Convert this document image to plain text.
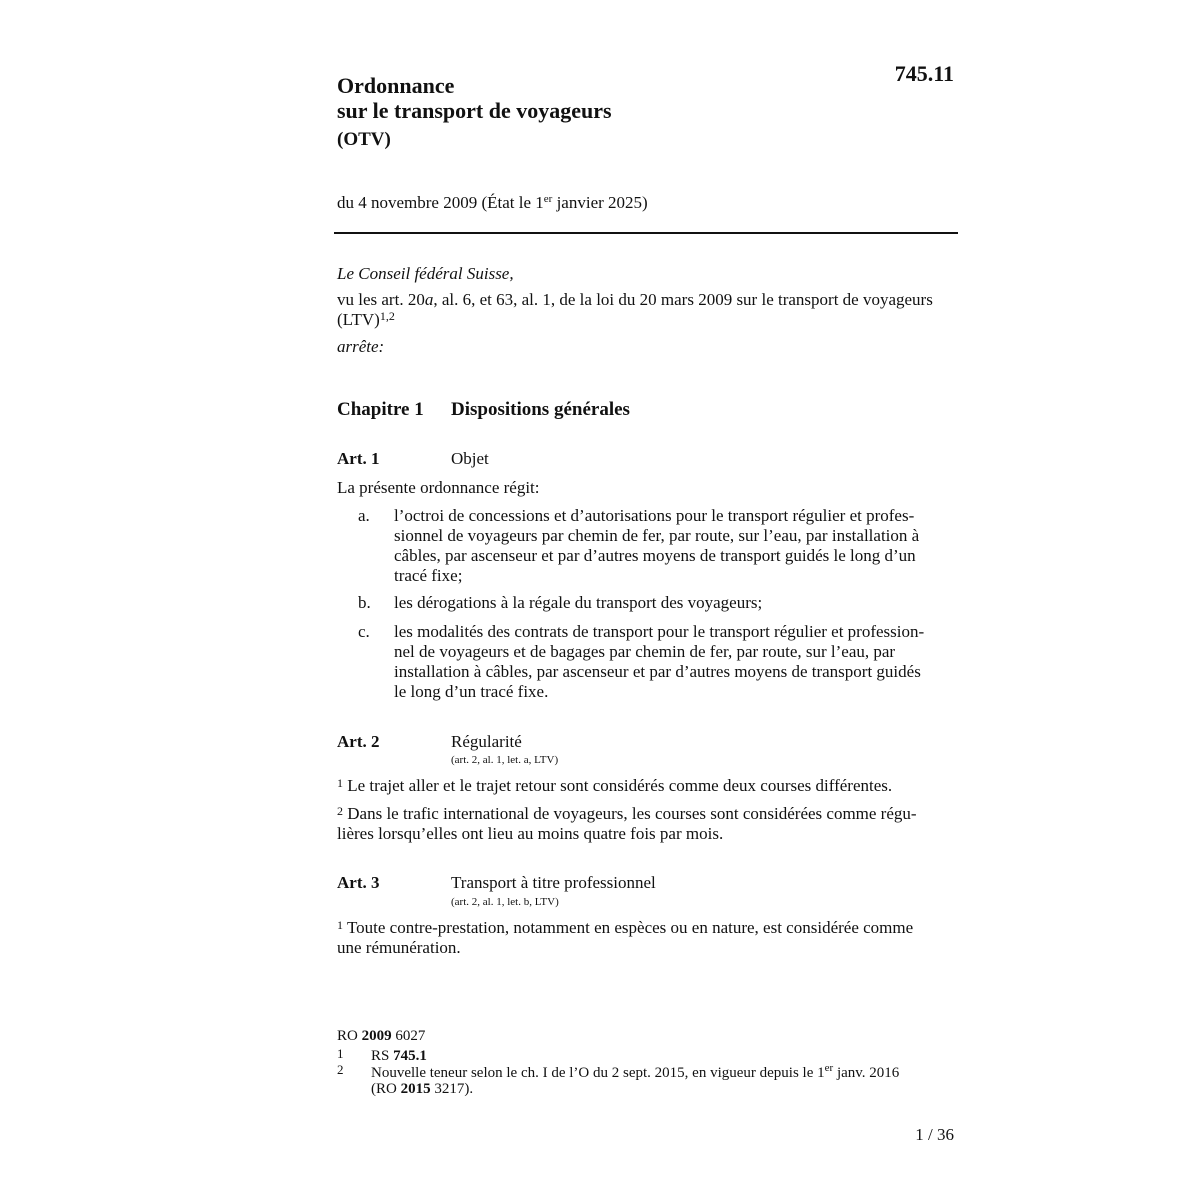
Ordonnance
sur le transport de voyageurs
(OTV)
745.11
du 4 novembre 2009 (État le 1er janvier 2025)
Le Conseil fédéral Suisse,
vu les art. 20a, al. 6, et 63, al. 1, de la loi du 20 mars 2009 sur le transport de voyageurs (LTV)$^{1,2}$
arrête:
Chapitre 1 Dispositions générales
Art. 1	Objet

La présente ordonnance régit:

a. l’octroi de concessions et d’autorisations pour le transport régulier et profes-
sionnel de voyageurs par chemin de fer, par route, sur l’eau, par installation à
câbles, par ascenseur et par d’autres moyens de transport guidés le long d’un
tracé fixe;
b. les dérogations à la régale du transport des voyageurs;
c. les modalités des contrats de transport pour le transport régulier et profession-
nel de voyageurs et de bagages par chemin de fer, par route, sur l’eau, par
installation à câbles, par ascenseur et par d’autres moyens de transport guidés
le long d’un tracé fixe.
Art. 2	Régularité
(art. 2, al. 1, let. a, LTV)

$^1$ Le trajet aller et le trajet retour sont considérés comme deux courses différentes.

$^2$ Dans le trafic international de voyageurs, les courses sont considérées comme régu-
lières lorsqu’elles ont lieu au moins quatre fois par mois.

Art. 3	Transport à titre professionnel
(art. 2, al. 1, let. b, LTV)

$^1$ Toute contre-prestation, notamment en espèces ou en nature, est considérée comme
une rémunération.

RO 2009 6027
1 RS 745.1
2 Nouvelle teneur selon le ch. I de l’O du 2 sept. 2015, en vigueur depuis le 1er janv. 2016
(RO 2015 3217).
1 / 36
